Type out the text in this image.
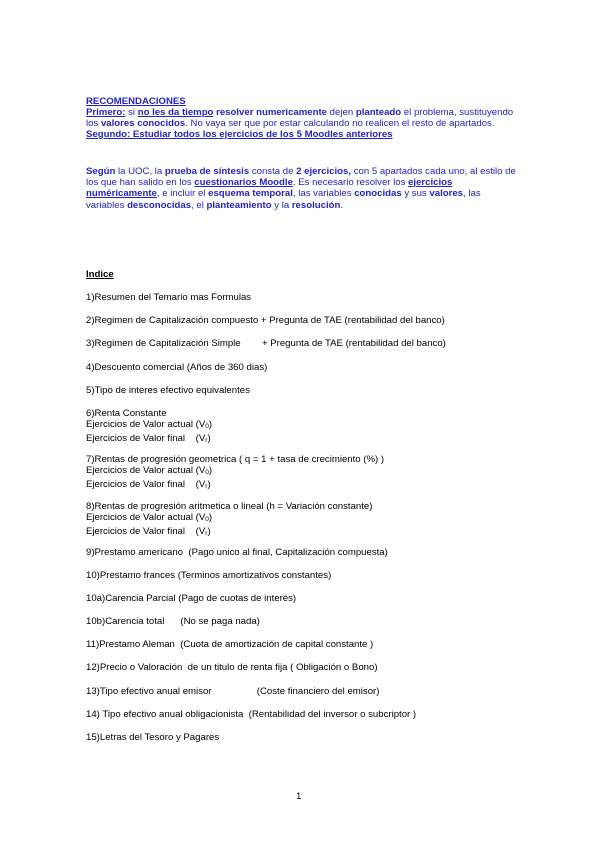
RECOMENDACIONES

Primero: si no les da tiempo resolver numericamente dejen planteado el problema, sustituyendo los valores conocidos. No vaya ser que por estar calculando no realicen el resto de apartados.

Segundo: Estudiar todos los ejercicios de los 5 Moodles anteriores

Según la UOC, la prueba de síntesis consta de 2 ejercicios, con 5 apartados cada uno, al estilo de los que han salido en los cuestionarios Moodle. Es necesario resolver los ejercicios numéricamente, e incluir el esquema temporal, las variables conocidas y sus valores, las variables desconocidas, el planteamiento y la resolución.

Indice

1)Resumen del Temario mas Formulas
2)Regimen de Capitalización compuesto + Pregunta de TAE (rentabilidad del banco)
3)Regimen de Capitalización Simple        + Pregunta de TAE (rentabilidad del banco)
4)Descuento comercial (Años de 360 dias)
5)Tipo de interes efectivo equivalentes
6)Renta Constante
Ejercicios de Valor actual $(V_0)$
Ejercicios de Valor final    $(V_r)$
7)Rentas de progresión geometrica ( q = 1 + tasa de crecimiento (%) )
Ejercicios de Valor actual $(V_0)$
Ejercicios de Valor final    $(V_r)$
8)Rentas de progresión aritmetica o lineal (h = Variación constante)
Ejercicios de Valor actual $(V_0)$
Ejercicios de Valor final    $(V_r)$
9)Prestamo americano  (Pago unico al final, Capitalización compuesta)
10)Prestamo frances (Terminos amortizativos constantes)
10a)Carencia Parcial (Pago de cuotas de interés)
10b)Carencia total      (No se paga nada)
11)Prestamo Aleman  (Cuota de amortización de capital constante )
12)Precio o Valoración  de un titulo de renta fija ( Obligación o Bono)
13)Tipo efectivo anual emisor                 (Coste financiero del emisor)
14) Tipo efectivo anual obligacionista  (Rentabilidad del inversor o subcriptor )
15)Letras del Tesoro y Pagares
1
